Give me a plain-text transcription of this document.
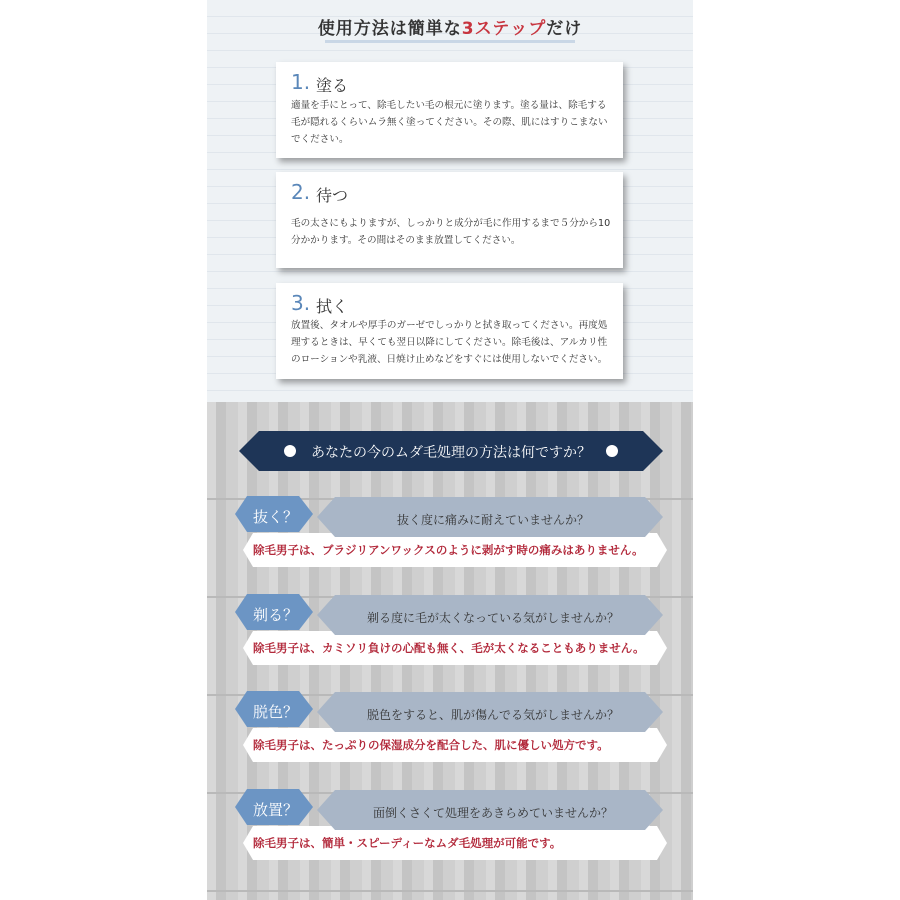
使用方法は簡単な3ステップだけ
1. 塗る
適量を手にとって、除毛したい毛の根元に塗ります。塗る量は、除毛する
毛が隠れるくらいムラ無く塗ってください。その際、肌にはすりこまない
でください。
2. 待つ
毛の太さにもよりますが、しっかりと成分が毛に作用するまで５分から10
分かかります。その間はそのまま放置してください。
3. 拭く
放置後、タオルや厚手のガーゼでしっかりと拭き取ってください。再度処
理するときは、早くても翌日以降にしてください。除毛後は、アルカリ性
のローションや乳液、日焼け止めなどをすぐには使用しないでください。
あなたの今のムダ毛処理の方法は何ですか？
抜く度に痛みに耐えていませんか？
抜く？
除毛男子は、ブラジリアンワックスのように剥がす時の痛みはありません。
剃る度に毛が太くなっている気がしませんか？
剃る？
除毛男子は、カミソリ負けの心配も無く、毛が太くなることもありません。
脱色をすると、肌が傷んでる気がしませんか？
脱色？
除毛男子は、たっぷりの保湿成分を配合した、肌に優しい処方です。
面倒くさくて処理をあきらめていませんか？
放置？
除毛男子は、簡単・スピーディーなムダ毛処理が可能です。
